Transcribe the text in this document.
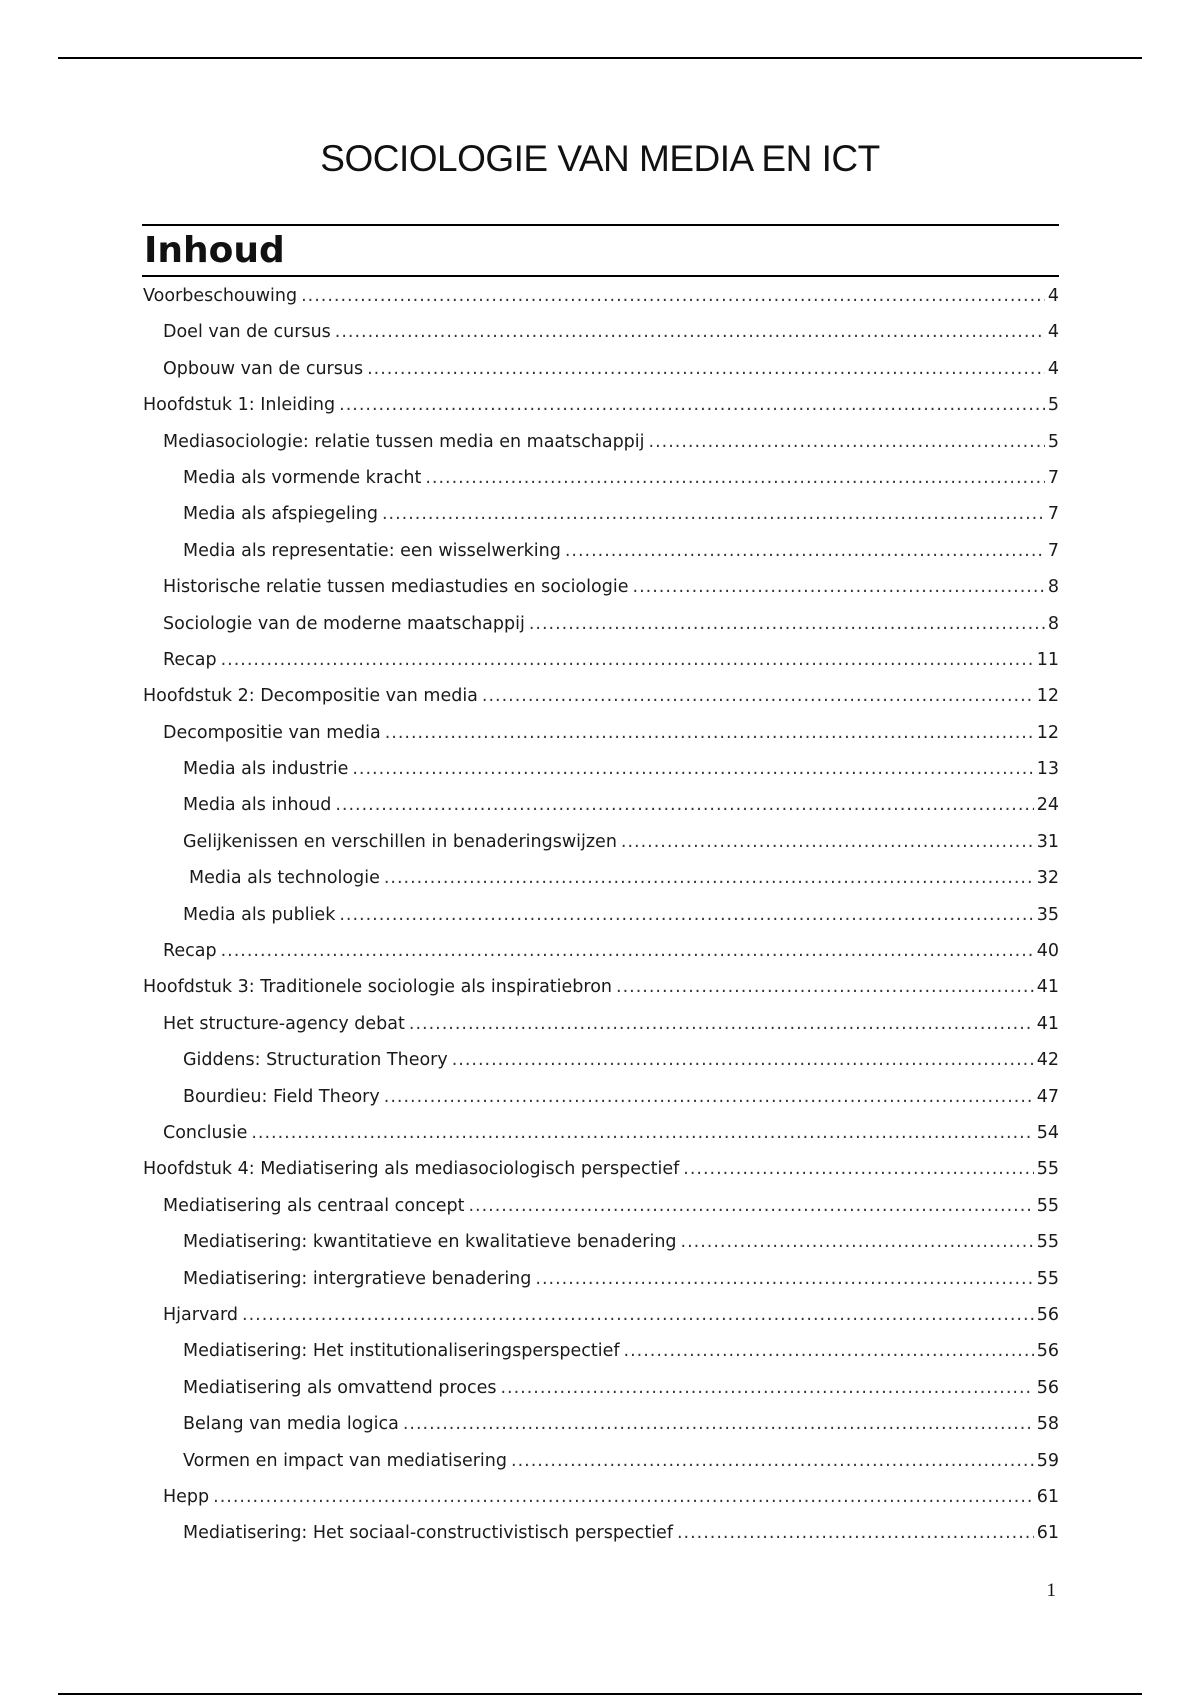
SOCIOLOGIE VAN MEDIA EN ICT
Inhoud
Voorbeschouwing .....	4
Doel van de cursus .....	4
Opbouw van de cursus .....	4
Hoofdstuk 1: Inleiding .....	5
Mediasociologie: relatie tussen media en maatschappij .....	5
Media als vormende kracht .....	7
Media als afspiegeling .....	7
Media als representatie: een wisselwerking .....	7
Historische relatie tussen mediastudies en sociologie .....	8
Sociologie van de moderne maatschappij .....	8
Recap .....	11
Hoofdstuk 2: Decompositie van media .....	12
Decompositie van media .....	12
Media als industrie .....	13
Media als inhoud .....	24
Gelijkenissen en verschillen in benaderingswijzen .....	31
Media als technologie .....	32
Media als publiek .....	35
Recap .....	40
Hoofdstuk 3: Traditionele sociologie als inspiratiebron .....	41
Het structure-agency debat .....	41
Giddens: Structuration Theory .....	42
Bourdieu: Field Theory .....	47
Conclusie .....	54
Hoofdstuk 4: Mediatisering als mediasociologisch perspectief .....	55
Mediatisering als centraal concept .....	55
Mediatisering: kwantitatieve en kwalitatieve benadering .....	55
Mediatisering: intergratieve benadering .....	55
Hjarvard .....	56
Mediatisering: Het institutionaliseringsperspectief .....	56
Mediatisering als omvattend proces .....	56
Belang van media logica .....	58
Vormen en impact van mediatisering .....	59
Hepp .....	61
Mediatisering: Het sociaal-constructivistisch perspectief .....	61
1
